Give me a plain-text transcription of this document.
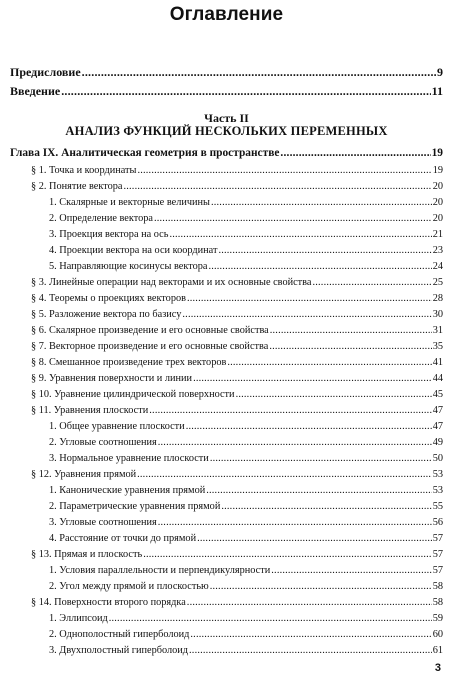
Оглавление
Предисловие .....	9
Введение .....	11
Часть II
АНАЛИЗ ФУНКЦИЙ НЕСКОЛЬКИХ ПЕРЕМЕННЫХ
Глава IX. Аналитическая геометрия в пространстве .....	19
§ 1. Точка и координаты .....	19
§ 2. Понятие вектора .....	20
1. Скалярные и векторные величины .....	20
2. Определение вектора .....	20
3. Проекция вектора на ось .....	21
4. Проекции вектора на оси координат .....	23
5. Направляющие косинусы вектора .....	24
§ 3. Линейные операции над векторами и их основные свойства .....	25
§ 4. Теоремы о проекциях векторов .....	28
§ 5. Разложение вектора по базису .....	30
§ 6. Скалярное произведение и его основные свойства .....	31
§ 7. Векторное произведение и его основные свойства .....	35
§ 8. Смешанное произведение трех векторов .....	41
§ 9. Уравнения поверхности и линии .....	44
§ 10. Уравнение цилиндрической поверхности .....	45
§ 11. Уравнения плоскости .....	47
1. Общее уравнение плоскости .....	47
2. Угловые соотношения .....	49
3. Нормальное уравнение плоскости .....	50
§ 12. Уравнения прямой .....	53
1. Канонические уравнения прямой .....	53
2. Параметрические уравнения прямой .....	55
3. Угловые соотношения .....	56
4. Расстояние от точки до прямой .....	57
§ 13. Прямая и плоскость .....	57
1. Условия параллельности и перпендикулярности .....	57
2. Угол между прямой и плоскостью .....	58
§ 14. Поверхности второго порядка .....	58
1. Эллипсоид .....	59
2. Однополостный гиперболоид .....	60
3. Двухполостный гиперболоид .....	61
3
